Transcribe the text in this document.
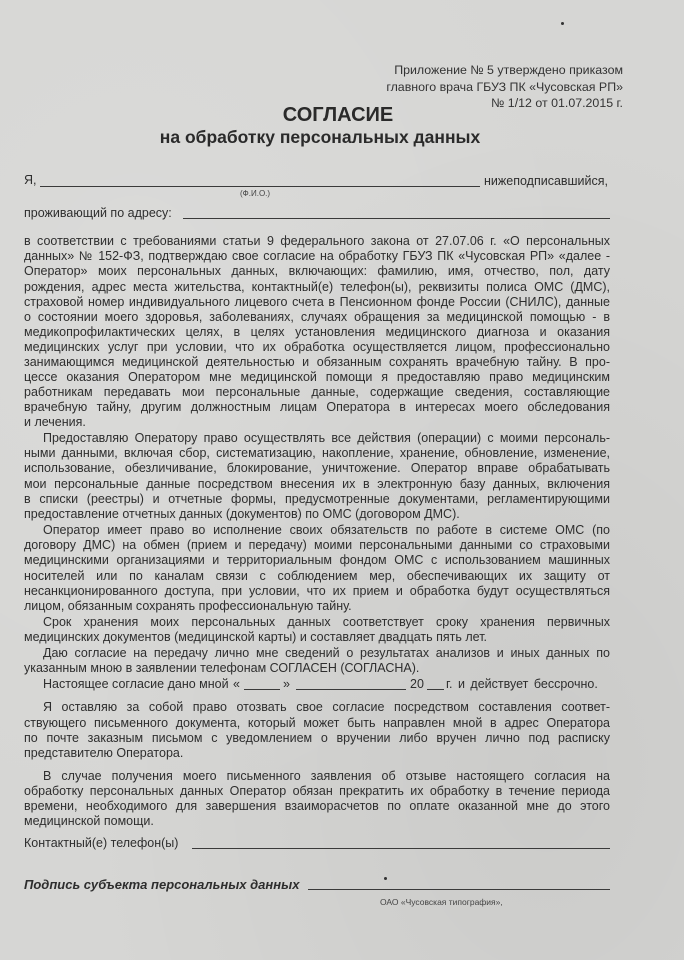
Приложение № 5 утверждено приказом
главного врача ГБУЗ ПК «Чусовская РП»
№ 1/12 от 01.07.2015 г.
СОГЛАСИЕ
на обработку персональных данных
Я,
(Ф.И.О.)
нижеподписавшийся,
проживающий по адресу:
в соответствии с требованиями статьи 9 федерального закона от 27.07.06 г. «О персональных
данных» № 152-ФЗ, подтверждаю свое согласие на обработку ГБУЗ ПК «Чусовская РП» «далее -
Оператор» моих персональных данных, включающих: фамилию, имя, отчество, пол, дату
рождения, адрес места жительства, контактный(е) телефон(ы), реквизиты полиса ОМС (ДМС),
страховой номер индивидуального лицевого счета в Пенсионном фонде России (СНИЛС), данные
о состоянии моего здоровья, заболеваниях, случаях обращения за медицинской помощью - в
медикопрофилактических целях, в целях установления медицинского диагноза и оказания
медицинских услуг при условии, что их обработка осуществляется лицом, профессионально
занимающимся медицинской деятельностью и обязанным сохранять врачебную тайну. В про-
цессе оказания Оператором мне медицинской помощи я предоставляю право медицинским
работникам передавать мои персональные данные, содержащие сведения, составляющие
врачебную тайну, другим должностным лицам Оператора в интересах моего обследования
и лечения.
Предоставляю Оператору право осуществлять все действия (операции) с моими персональ-
ными данными, включая сбор, систематизацию, накопление, хранение, обновление, изменение,
использование, обезличивание, блокирование, уничтожение. Оператор вправе обрабатывать
мои персональные данные посредством внесения их в электронную базу данных, включения
в списки (реестры) и отчетные формы, предусмотренные документами, регламентирующими
предоставление отчетных данных (документов) по ОМС (договором ДМС).
Оператор имеет право во исполнение своих обязательств по работе в системе ОМС (по
договору ДМС) на обмен (прием и передачу) моими персональными данными со страховыми
медицинскими организациями и территориальным фондом ОМС с использованием машинных
носителей или по каналам связи с соблюдением мер, обеспечивающих их защиту от
несанкционированного доступа, при условии, что их прием и обработка будут осуществляться
лицом, обязанным сохранять профессиональную тайну.
Срок хранения моих персональных данных соответствует сроку хранения первичных
медицинских документов (медицинской карты) и составляет двадцать пять лет.
Даю согласие на передачу лично мне сведений о результатах анализов и иных данных по
указанным мною в заявлении телефонам СОГЛАСЕН (СОГЛАСНА).
Настоящее согласие дано мной «	»	20 г. и действует бессрочно.
Я оставляю за собой право отозвать свое согласие посредством составления соответ-
ствующего письменного документа, который может быть направлен мной в адрес Оператора
по почте заказным письмом с уведомлением о вручении либо вручен лично под расписку
представителю Оператора.
В случае получения моего письменного заявления об отзыве настоящего согласия на
обработку персональных данных Оператор обязан прекратить их обработку в течение периода
времени, необходимого для завершения взаиморасчетов по оплате оказанной мне до этого
медицинской помощи.
Контактный(е) телефон(ы)
Подпись субъекта персональных данных
ОАО «Чусовская типография»,
